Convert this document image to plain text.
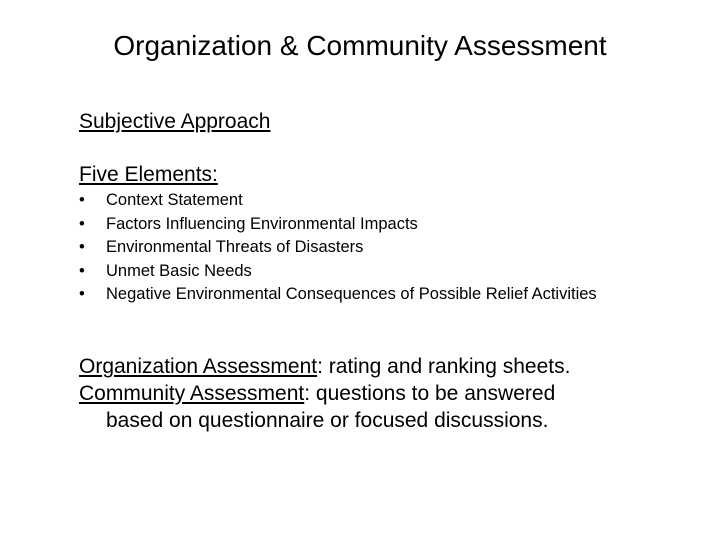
Organization & Community Assessment
Subjective Approach
Five Elements:
• Context Statement
• Factors Influencing Environmental Impacts
• Environmental Threats of Disasters
• Unmet Basic Needs
• Negative Environmental Consequences of Possible Relief Activities
Organization Assessment: rating and ranking sheets.
Community Assessment: questions to be answered
based on questionnaire or focused discussions.
